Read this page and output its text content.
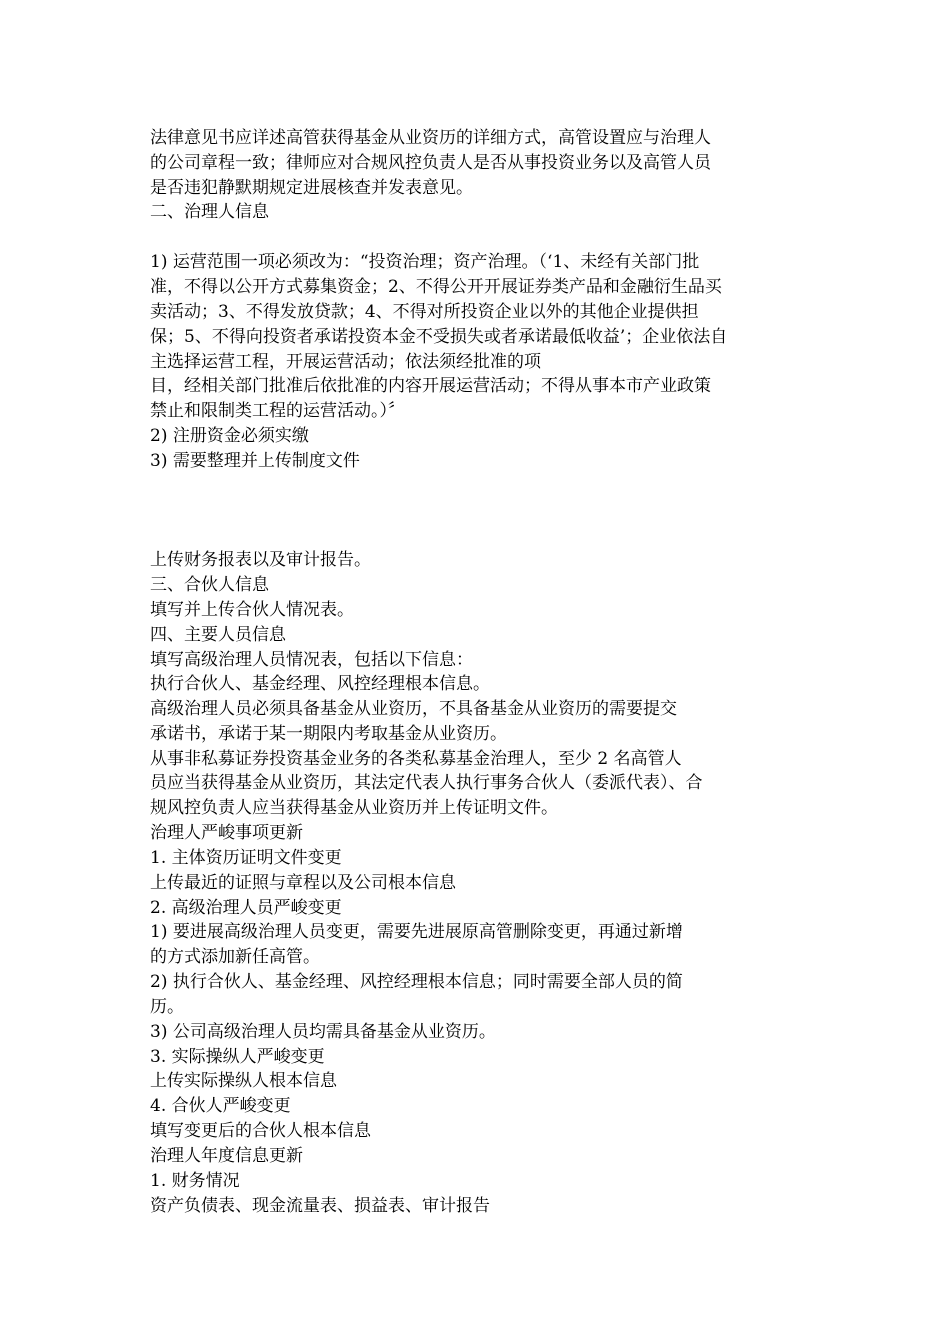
法律意见书应详述高管获得基金从业资历的详细方式，高管设置应与治理人
的公司章程一致；律师应对合规风控负责人是否从事投资业务以及高管人员
是否违犯静默期规定进展核查并发表意见。
二、治理人信息
1) 运营范围一项必须改为：“投资治理；资产治理。（‘1、未经有关部门批
准，不得以公开方式募集资金；2、不得公开开展证券类产品和金融衍生品买
卖活动；3、不得发放贷款；4、不得对所投资企业以外的其他企业提供担
保；5、不得向投资者承诺投资本金不受损失或者承诺最低收益’；企业依法自
主选择运营工程，开展运营活动；依法须经批准的项
目，经相关部门批准后依批准的内容开展运营活动；不得从事本市产业政策
禁止和限制类工程的运营活动。）〞
2) 注册资金必须实缴
3) 需要整理并上传制度文件
上传财务报表以及审计报告。
三、合伙人信息
填写并上传合伙人情况表。
四、主要人员信息
填写高级治理人员情况表，包括以下信息：
执行合伙人、基金经理、风控经理根本信息。
高级治理人员必须具备基金从业资历，不具备基金从业资历的需要提交
承诺书，承诺于某一期限内考取基金从业资历。
从事非私募证券投资基金业务的各类私募基金治理人，至少 2 名高管人
员应当获得基金从业资历，其法定代表人执行事务合伙人（委派代表）、合
规风控负责人应当获得基金从业资历并上传证明文件。
治理人严峻事项更新
1. 主体资历证明文件变更
上传最近的证照与章程以及公司根本信息
2. 高级治理人员严峻变更
1) 要进展高级治理人员变更，需要先进展原高管删除变更，再通过新增
的方式添加新任高管。
2) 执行合伙人、基金经理、风控经理根本信息；同时需要全部人员的简
历。
3) 公司高级治理人员均需具备基金从业资历。
3. 实际操纵人严峻变更
上传实际操纵人根本信息
4. 合伙人严峻变更
填写变更后的合伙人根本信息
治理人年度信息更新
1. 财务情况
资产负债表、现金流量表、损益表、审计报告
